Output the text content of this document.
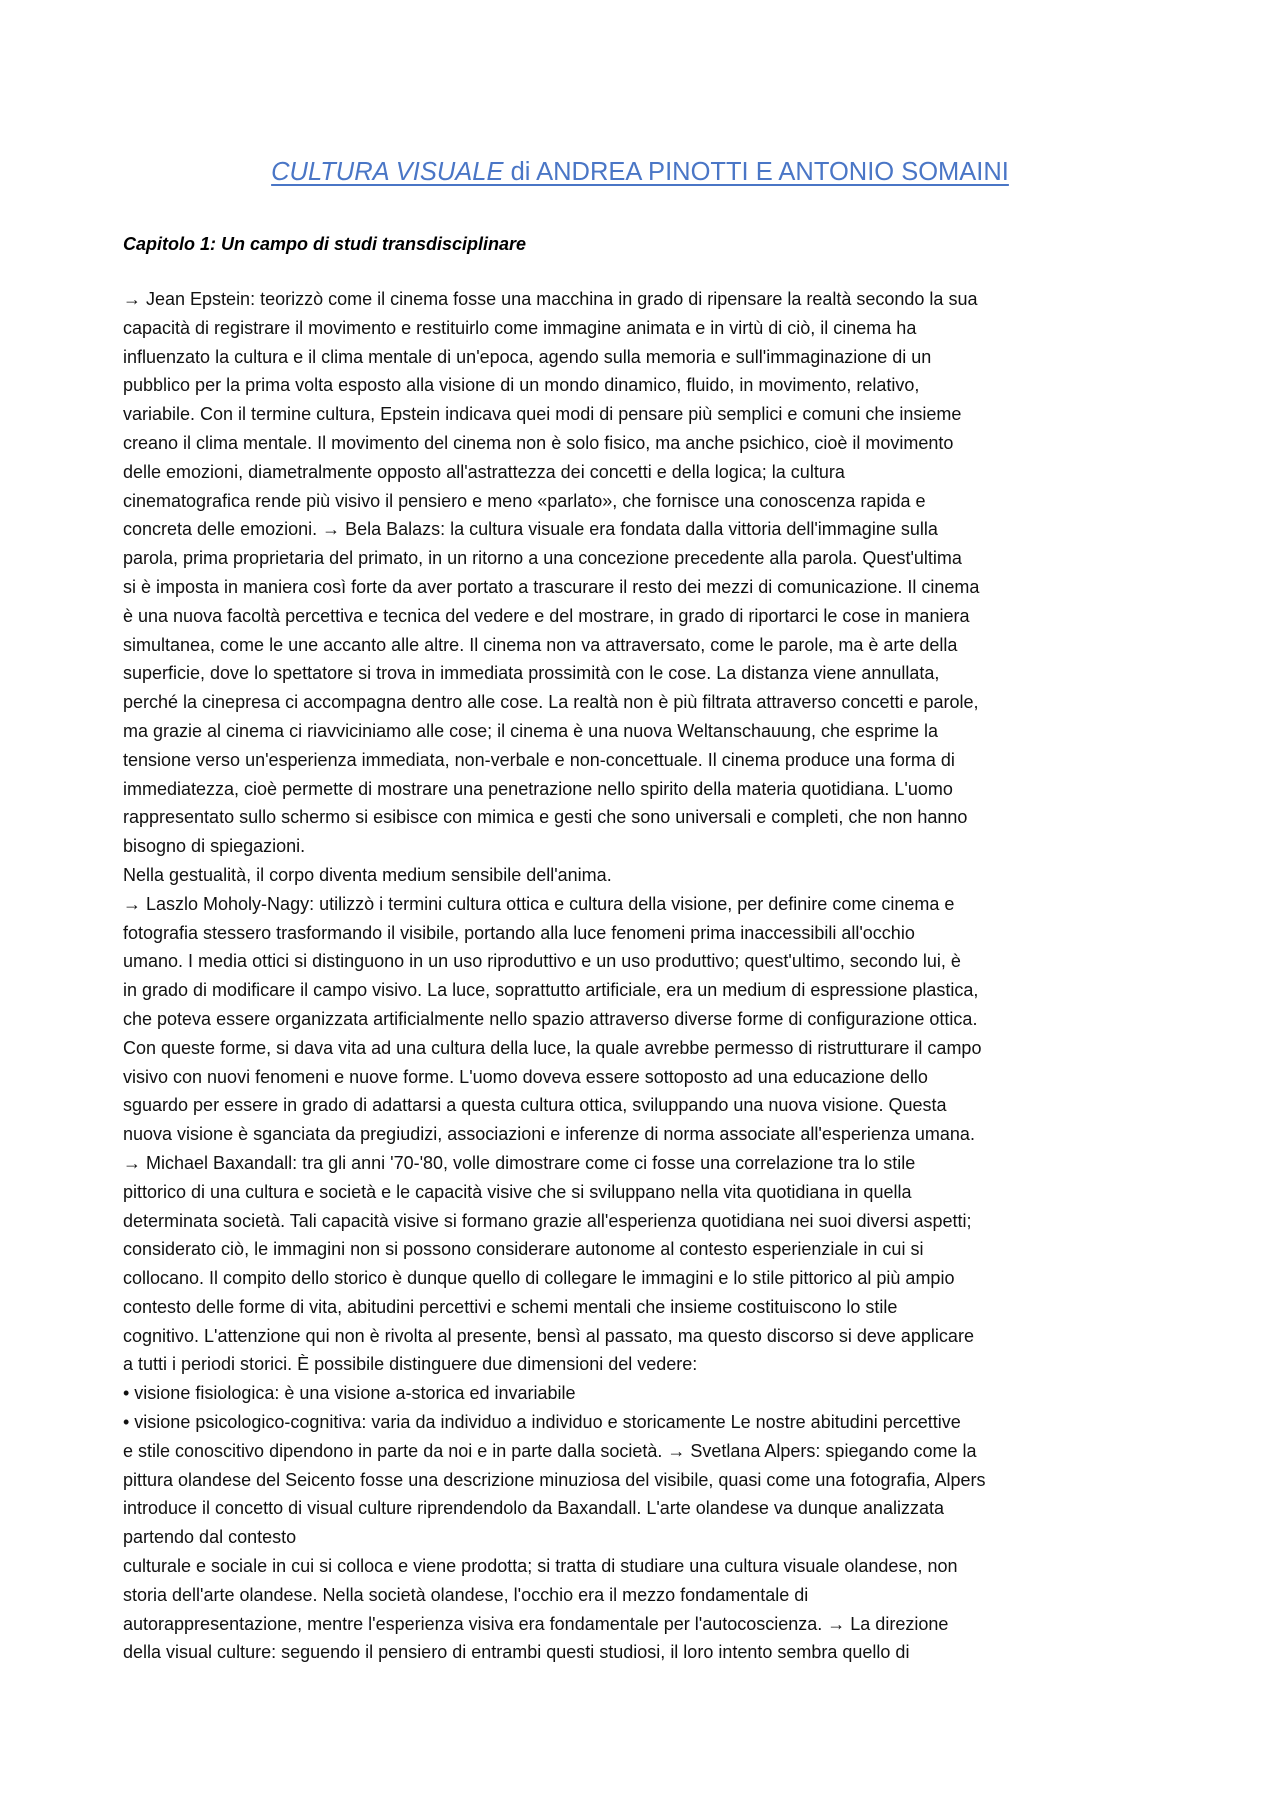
CULTURA VISUALE di ANDREA PINOTTI E ANTONIO SOMAINI
Capitolo 1: Un campo di studi transdisciplinare
→ Jean Epstein: teorizzò come il cinema fosse una macchina in grado di ripensare la realtà secondo la sua
capacità di registrare il movimento e restituirlo come immagine animata e in virtù di ciò, il cinema ha
influenzato la cultura e il clima mentale di un'epoca, agendo sulla memoria e sull'immaginazione di un
pubblico per la prima volta esposto alla visione di un mondo dinamico, fluido, in movimento, relativo,
variabile. Con il termine cultura, Epstein indicava quei modi di pensare più semplici e comuni che insieme
creano il clima mentale. Il movimento del cinema non è solo fisico, ma anche psichico, cioè il movimento
delle emozioni, diametralmente opposto all'astrattezza dei concetti e della logica; la cultura
cinematografica rende più visivo il pensiero e meno «parlato», che fornisce una conoscenza rapida e
concreta delle emozioni. → Bela Balazs: la cultura visuale era fondata dalla vittoria dell'immagine sulla
parola, prima proprietaria del primato, in un ritorno a una concezione precedente alla parola. Quest'ultima
si è imposta in maniera così forte da aver portato a trascurare il resto dei mezzi di comunicazione. Il cinema
è una nuova facoltà percettiva e tecnica del vedere e del mostrare, in grado di riportarci le cose in maniera
simultanea, come le une accanto alle altre. Il cinema non va attraversato, come le parole, ma è arte della
superficie, dove lo spettatore si trova in immediata prossimità con le cose. La distanza viene annullata,
perché la cinepresa ci accompagna dentro alle cose. La realtà non è più filtrata attraverso concetti e parole,
ma grazie al cinema ci riavviciniamo alle cose; il cinema è una nuova Weltanschauung, che esprime la
tensione verso un'esperienza immediata, non-verbale e non-concettuale. Il cinema produce una forma di
immediatezza, cioè permette di mostrare una penetrazione nello spirito della materia quotidiana. L'uomo
rappresentato sullo schermo si esibisce con mimica e gesti che sono universali e completi, che non hanno
bisogno di spiegazioni.
Nella gestualità, il corpo diventa medium sensibile dell'anima.
→ Laszlo Moholy-Nagy: utilizzò i termini cultura ottica e cultura della visione, per definire come cinema e
fotografia stessero trasformando il visibile, portando alla luce fenomeni prima inaccessibili all'occhio
umano. I media ottici si distinguono in un uso riproduttivo e un uso produttivo; quest'ultimo, secondo lui, è
in grado di modificare il campo visivo. La luce, soprattutto artificiale, era un medium di espressione plastica,
che poteva essere organizzata artificialmente nello spazio attraverso diverse forme di configurazione ottica.
Con queste forme, si dava vita ad una cultura della luce, la quale avrebbe permesso di ristrutturare il campo
visivo con nuovi fenomeni e nuove forme. L'uomo doveva essere sottoposto ad una educazione dello
sguardo per essere in grado di adattarsi a questa cultura ottica, sviluppando una nuova visione. Questa
nuova visione è sganciata da pregiudizi, associazioni e inferenze di norma associate all'esperienza umana.
→ Michael Baxandall: tra gli anni '70-'80, volle dimostrare come ci fosse una correlazione tra lo stile
pittorico di una cultura e società e le capacità visive che si sviluppano nella vita quotidiana in quella
determinata società. Tali capacità visive si formano grazie all'esperienza quotidiana nei suoi diversi aspetti;
considerato ciò, le immagini non si possono considerare autonome al contesto esperienziale in cui si
collocano. Il compito dello storico è dunque quello di collegare le immagini e lo stile pittorico al più ampio
contesto delle forme di vita, abitudini percettivi e schemi mentali che insieme costituiscono lo stile
cognitivo. L'attenzione qui non è rivolta al presente, bensì al passato, ma questo discorso si deve applicare
a tutti i periodi storici. È possibile distinguere due dimensioni del vedere:
• visione fisiologica: è una visione a-storica ed invariabile
• visione psicologico-cognitiva: varia da individuo a individuo e storicamente Le nostre abitudini percettive
e stile conoscitivo dipendono in parte da noi e in parte dalla società. → Svetlana Alpers: spiegando come la
pittura olandese del Seicento fosse una descrizione minuziosa del visibile, quasi come una fotografia, Alpers
introduce il concetto di visual culture riprendendolo da Baxandall. L'arte olandese va dunque analizzata
partendo dal contesto
culturale e sociale in cui si colloca e viene prodotta; si tratta di studiare una cultura visuale olandese, non
storia dell'arte olandese. Nella società olandese, l'occhio era il mezzo fondamentale di
autorappresentazione, mentre l'esperienza visiva era fondamentale per l'autocoscienza. → La direzione
della visual culture: seguendo il pensiero di entrambi questi studiosi, il loro intento sembra quello di
